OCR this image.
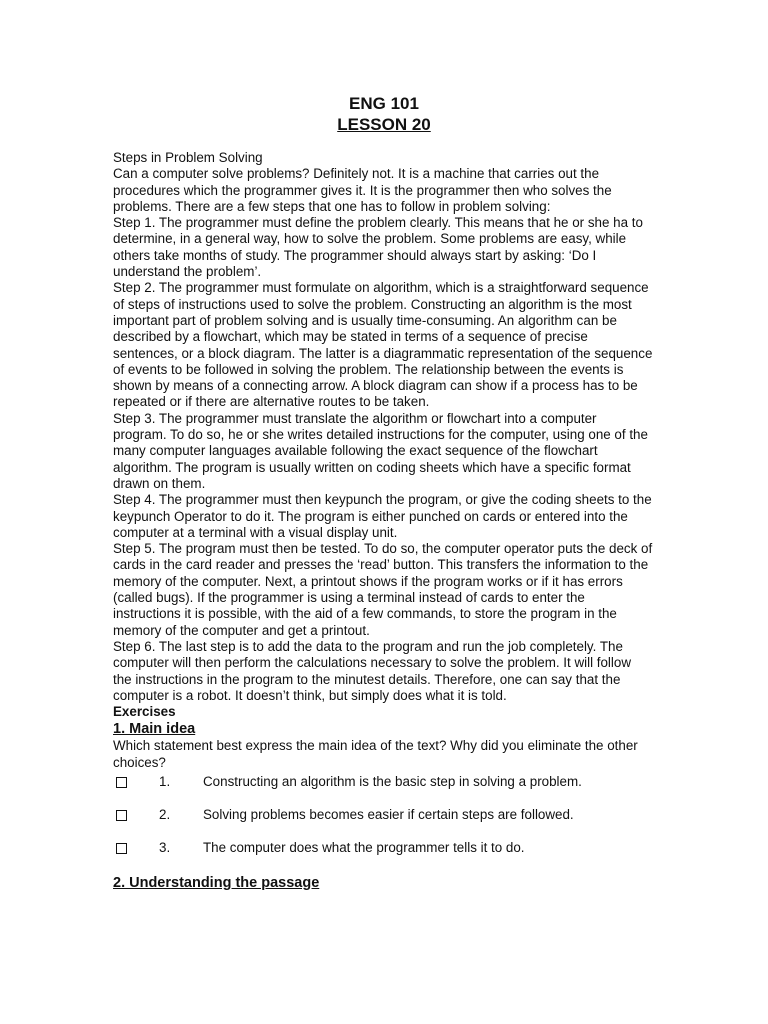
ENG 101
LESSON 20

Steps in Problem Solving

Can a computer solve problems? Definitely not. It is a machine that carries out the procedures which the programmer gives it. It is the programmer then who solves the problems. There are a few steps that one has to follow in problem solving:

Step 1. The programmer must define the problem clearly. This means that he or she ha to determine, in a general way, how to solve the problem. Some problems are easy, while others take months of study. The programmer should always start by asking: ‘Do I understand the problem’.

Step 2. The programmer must formulate on algorithm, which is a straightforward sequence of steps of instructions used to solve the problem. Constructing an algorithm is the most important part of problem solving and is usually time-consuming. An algorithm can be described by a flowchart, which may be stated in terms of a sequence of precise sentences, or a block diagram. The latter is a diagrammatic representation of the sequence of events to be followed in solving the problem. The relationship between the events is shown by means of a connecting arrow. A block diagram can show if a process has to be repeated or if there are alternative routes to be taken.

Step 3. The programmer must translate the algorithm or flowchart into a computer program. To do so, he or she writes detailed instructions for the computer, using one of the many computer languages available following the exact sequence of the flowchart algorithm. The program is usually written on coding sheets which have a specific format drawn on them.

Step 4. The programmer must then keypunch the program, or give the coding sheets to the keypunch Operator to do it. The program is either punched on cards or entered into the computer at a terminal with a visual display unit.

Step 5. The program must then be tested. To do so, the computer operator puts the deck of cards in the card reader and presses the ‘read’ button. This transfers the information to the memory of the computer. Next, a printout shows if the program works or if it has errors (called bugs). If the programmer is using a terminal instead of cards to enter the instructions it is possible, with the aid of a few commands, to store the program in the memory of the computer and get a printout.

Step 6. The last step is to add the data to the program and run the job completely. The computer will then perform the calculations necessary to solve the problem. It will follow the instructions in the program to the minutest details. Therefore, one can say that the computer is a robot. It doesn’t think, but simply does what it is told.

Exercises

1. Main idea

Which statement best express the main idea of the text? Why did you eliminate the other choices?

1.	Constructing an algorithm is the basic step in solving a problem.
2.	Solving problems becomes easier if certain steps are followed.
3.	The computer does what the programmer tells it to do.
2. Understanding the passage
